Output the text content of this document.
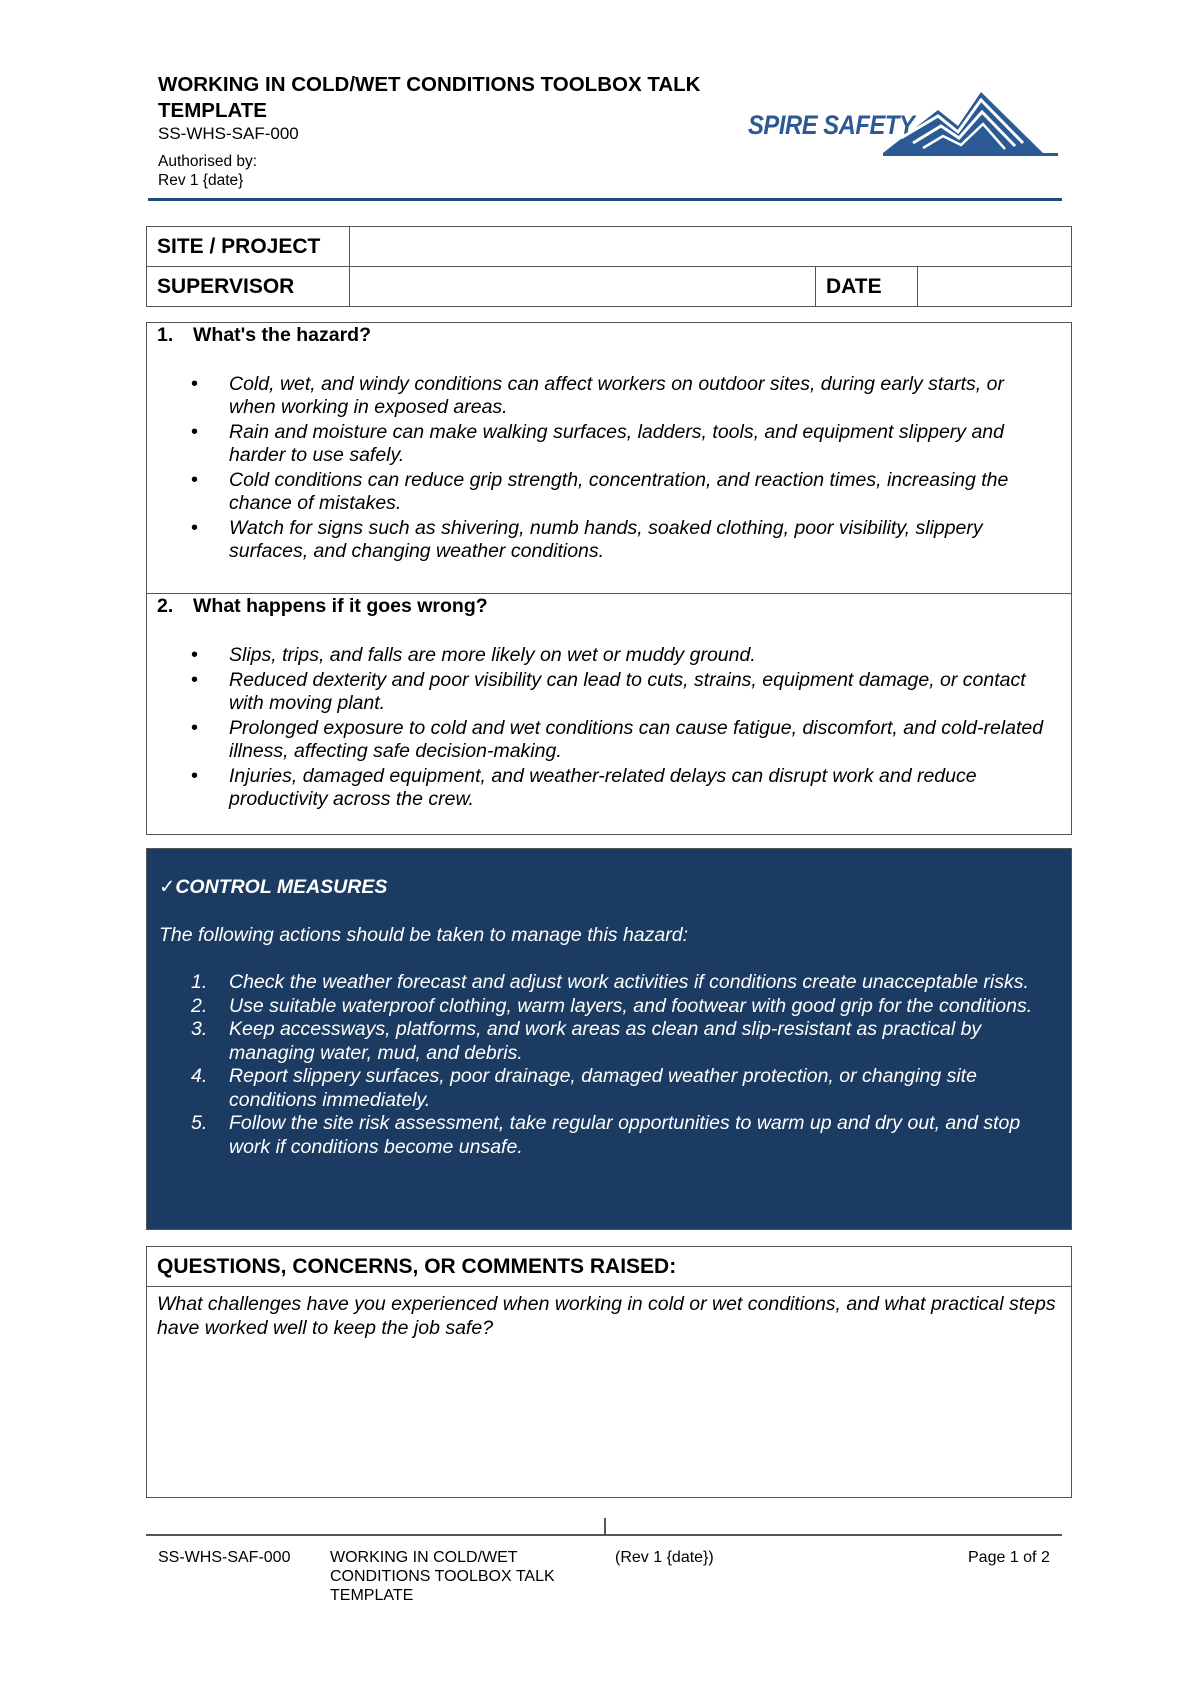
WORKING IN COLD/WET CONDITIONS TOOLBOX TALK TEMPLATE
SS-WHS-SAF-000
Authorised by:
Rev 1 {date}
SPIRE SAFETY
SITE / PROJECT			
SUPERVISOR		DATE	
1.	What's the hazard?
• Cold, wet, and windy conditions can affect workers on outdoor sites, during early starts, or when working in exposed areas.
• Rain and moisture can make walking surfaces, ladders, tools, and equipment slippery and harder to use safely.
• Cold conditions can reduce grip strength, concentration, and reaction times, increasing the chance of mistakes.
• Watch for signs such as shivering, numb hands, soaked clothing, poor visibility, slippery surfaces, and changing weather conditions.
2.	What happens if it goes wrong?
• Slips, trips, and falls are more likely on wet or muddy ground.
• Reduced dexterity and poor visibility can lead to cuts, strains, equipment damage, or contact with moving plant.
• Prolonged exposure to cold and wet conditions can cause fatigue, discomfort, and cold-related illness, affecting safe decision-making.
• Injuries, damaged equipment, and weather-related delays can disrupt work and reduce productivity across the crew.
✓CONTROL MEASURES
The following actions should be taken to manage this hazard:
1. Check the weather forecast and adjust work activities if conditions create unacceptable risks.
2. Use suitable waterproof clothing, warm layers, and footwear with good grip for the conditions.
3. Keep accessways, platforms, and work areas as clean and slip-resistant as practical by managing water, mud, and debris.
4. Report slippery surfaces, poor drainage, damaged weather protection, or changing site conditions immediately.
5. Follow the site risk assessment, take regular opportunities to warm up and dry out, and stop work if conditions become unsafe.
QUESTIONS, CONCERNS, OR COMMENTS RAISED:
What challenges have you experienced when working in cold or wet conditions, and what practical steps have worked well to keep the job safe?
SS-WHS-SAF-000 WORKING IN COLD/WET CONDITIONS TOOLBOX TALK TEMPLATE
(Rev 1 {date})	Page 1 of 2
